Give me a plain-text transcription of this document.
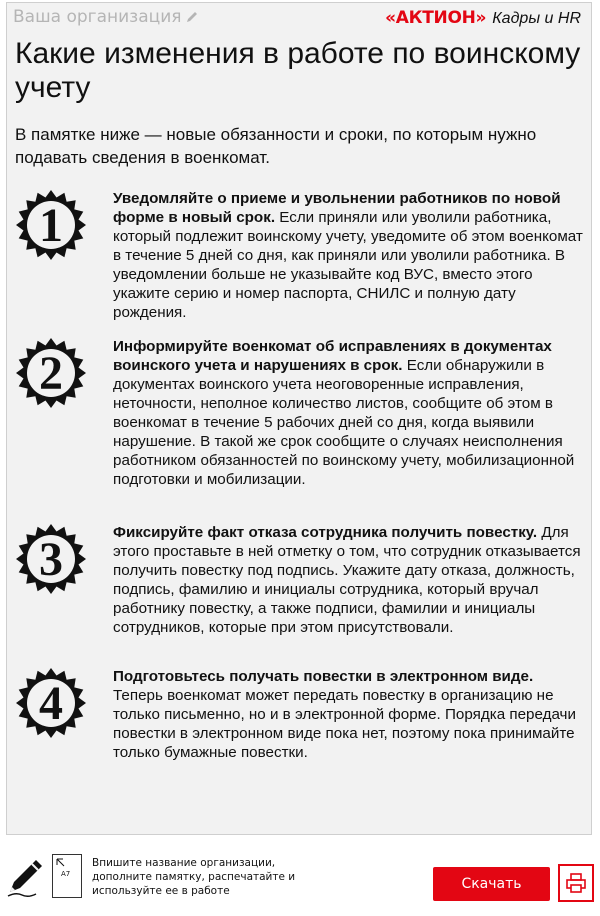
Ваша организация	«АКТИОН» Кадры и HR
Какие изменения в работе по воинскому учету

В памятке ниже — новые обязанности и сроки, по которым нужно подавать сведения в военкомат.

1

Уведомляйте о приеме и увольнении работников по новой форме в новый срок. Если приняли или уволили работника, который подлежит воинскому учету, уведомите об этом военкомат в течение 5 дней со дня, как приняли или уволили работника. В уведомлении больше не указывайте код ВУС, вместо этого укажите серию и номер паспорта, СНИЛС и полную дату рождения.

2

Информируйте военкомат об исправлениях в документах воинского учета и нарушениях в срок. Если обнаружили в документах воинского учета неоговоренные исправления, неточности, неполное количество листов, сообщите об этом в военкомат в течение 5 рабочих дней со дня, когда выявили нарушение. В такой же срок сообщите о случаях неисполнения работником обязанностей по воинскому учету, мобилизационной подготовки и мобилизации.

3

Фиксируйте факт отказа сотрудника получить повестку. Для этого проставьте в ней отметку о том, что сотрудник отказывается получить повестку под подпись. Укажите дату отказа, должность, подпись, фамилию и инициалы сотрудника, который вручал работнику повестку, а также подписи, фамилии и инициалы сотрудников, которые при этом присутствовали.

4

Подготовьтесь получать повестки в электронном виде. Теперь военкомат может передать повестку в организацию не только письменно, но и в электронной форме. Порядка передачи повестки в электронном виде пока нет, поэтому пока принимайте только бумажные повестки.

А7

Впишите название организации, дополните памятку, распечатайте и используйте ее в работе	Скачать
